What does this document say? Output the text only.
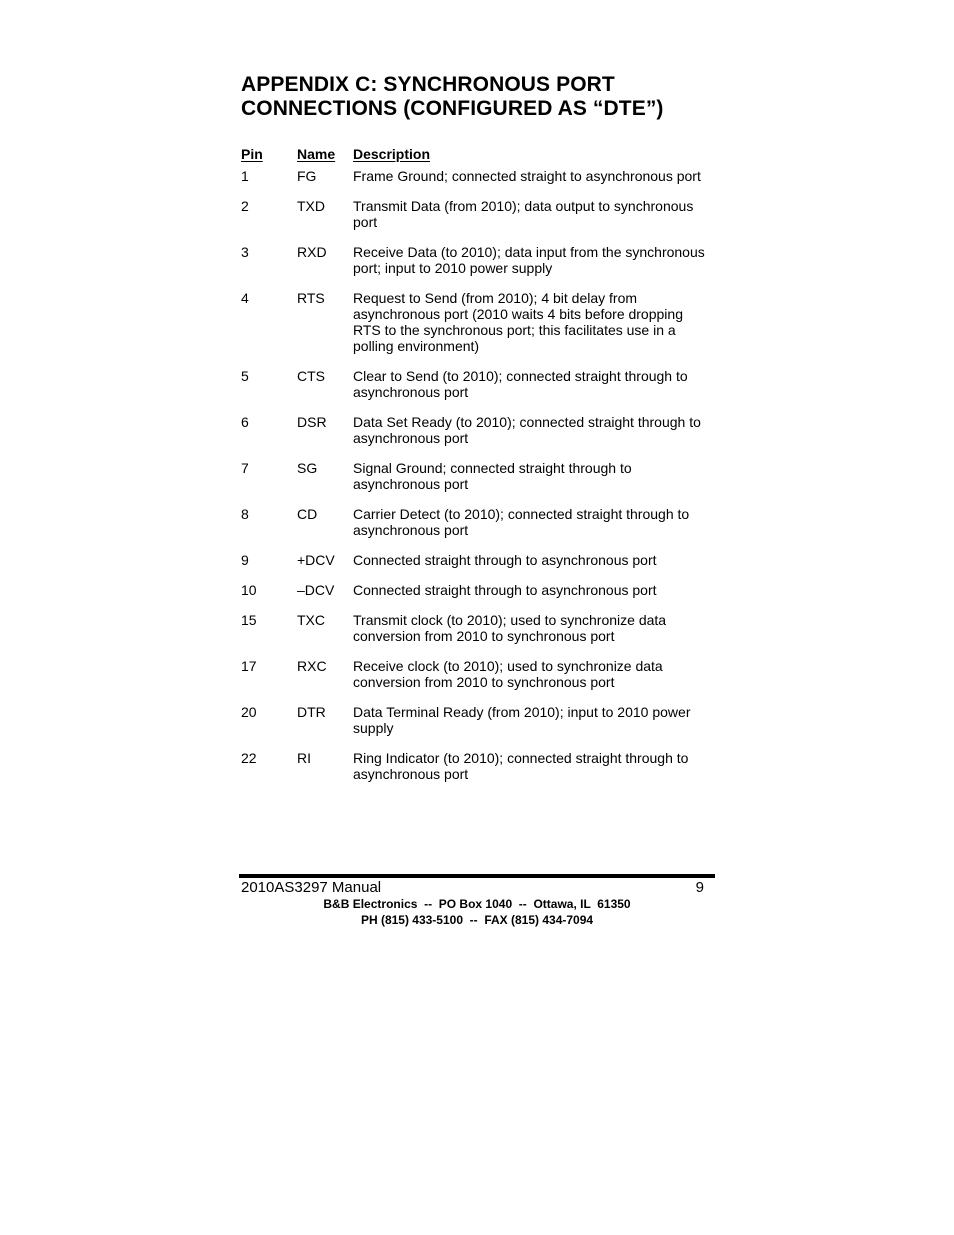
APPENDIX C: SYNCHRONOUS PORT
CONNECTIONS (CONFIGURED AS “DTE”)
Pin	Name	Description
1	FG	Frame Ground; connected straight to asynchronous port
2	TXD	Transmit Data (from 2010); data output to synchronous port
3	RXD	Receive Data (to 2010); data input from the synchronous port; input to 2010 power supply
4	RTS	Request to Send (from 2010); 4 bit delay from asynchronous port (2010 waits 4 bits before dropping RTS to the synchronous port; this facilitates use in a polling environment)
5	CTS	Clear to Send (to 2010); connected straight through to asynchronous port
6	DSR	Data Set Ready (to 2010); connected straight through to asynchronous port
7	SG	Signal Ground; connected straight through to asynchronous port
8	CD	Carrier Detect (to 2010); connected straight through to asynchronous port
9	+DCV	Connected straight through to asynchronous port
10	–DCV	Connected straight through to asynchronous port
15	TXC	Transmit clock (to 2010); used to synchronize data conversion from 2010 to synchronous port
17	RXC	Receive clock (to 2010); used to synchronize data conversion from 2010 to synchronous port
20	DTR	Data Terminal Ready (from 2010); input to 2010 power supply
22	RI	Ring Indicator (to 2010); connected straight through to asynchronous port
2010AS3297 Manual	9
B&B Electronics  --  PO Box 1040  --  Ottawa, IL  61350
PH (815) 433-5100  --  FAX (815) 434-7094
